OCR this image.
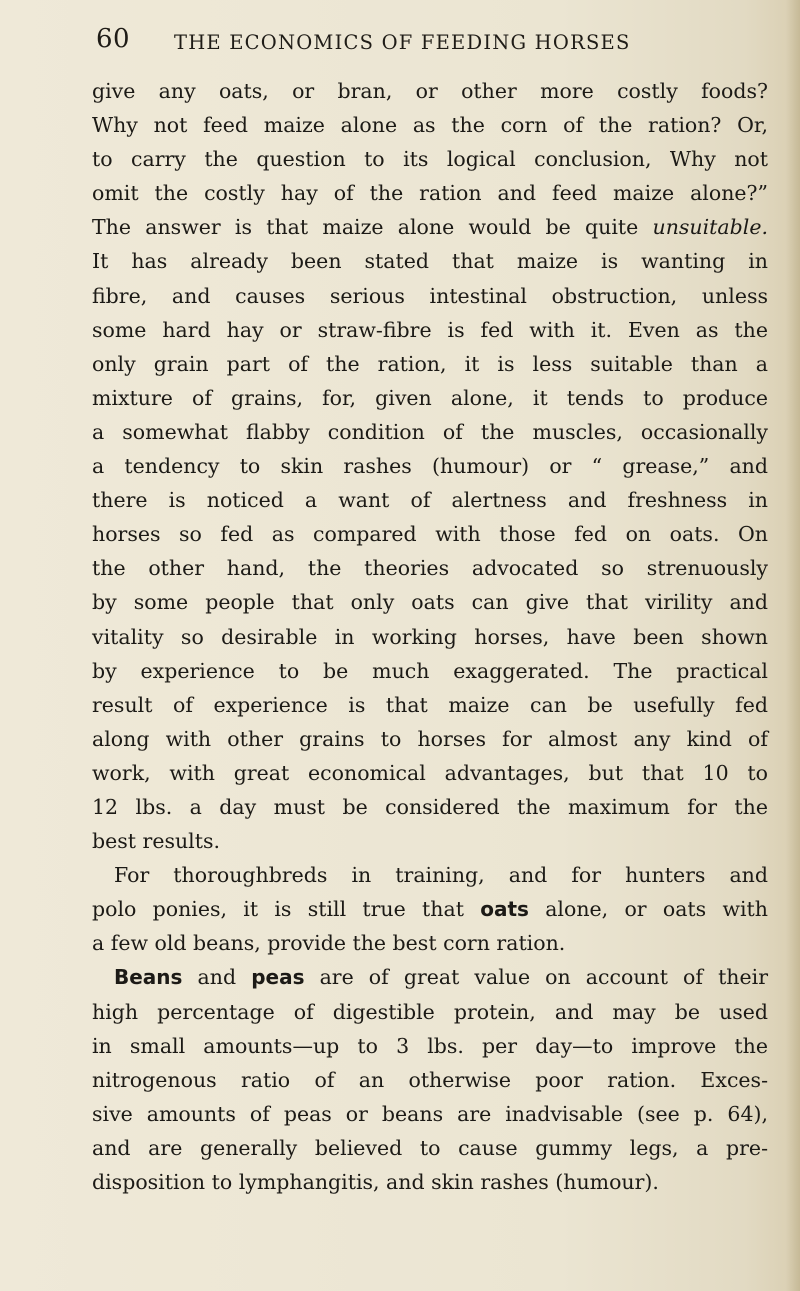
60 THE ECONOMICS OF FEEDING HORSES
give any oats, or bran, or other more costly foods?
Why not feed maize alone as the corn of the ration? Or,
to carry the question to its logical conclusion, Why not
omit the costly hay of the ration and feed maize alone?”
The answer is that maize alone would be quite unsuitable.
It has already been stated that maize is wanting in
fibre, and causes serious intestinal obstruction, unless
some hard hay or straw-fibre is fed with it. Even as the
only grain part of the ration, it is less suitable than a
mixture of grains, for, given alone, it tends to produce
a somewhat flabby condition of the muscles, occasionally
a tendency to skin rashes (humour) or “ grease,” and
there is noticed a want of alertness and freshness in
horses so fed as compared with those fed on oats. On
the other hand, the theories advocated so strenuously
by some people that only oats can give that virility and
vitality so desirable in working horses, have been shown
by experience to be much exaggerated. The practical
result of experience is that maize can be usefully fed
along with other grains to horses for almost any kind of
work, with great economical advantages, but that 10 to
12 lbs. a day must be considered the maximum for the
best results.
For thoroughbreds in training, and for hunters and
polo ponies, it is still true that oats alone, or oats with
a few old beans, provide the best corn ration.
Beans and peas are of great value on account of their
high percentage of digestible protein, and may be used
in small amounts—up to 3 lbs. per day—to improve the
nitrogenous ratio of an otherwise poor ration. Exces-
sive amounts of peas or beans are inadvisable (see p. 64),
and are generally believed to cause gummy legs, a pre-
disposition to lymphangitis, and skin rashes (humour).
